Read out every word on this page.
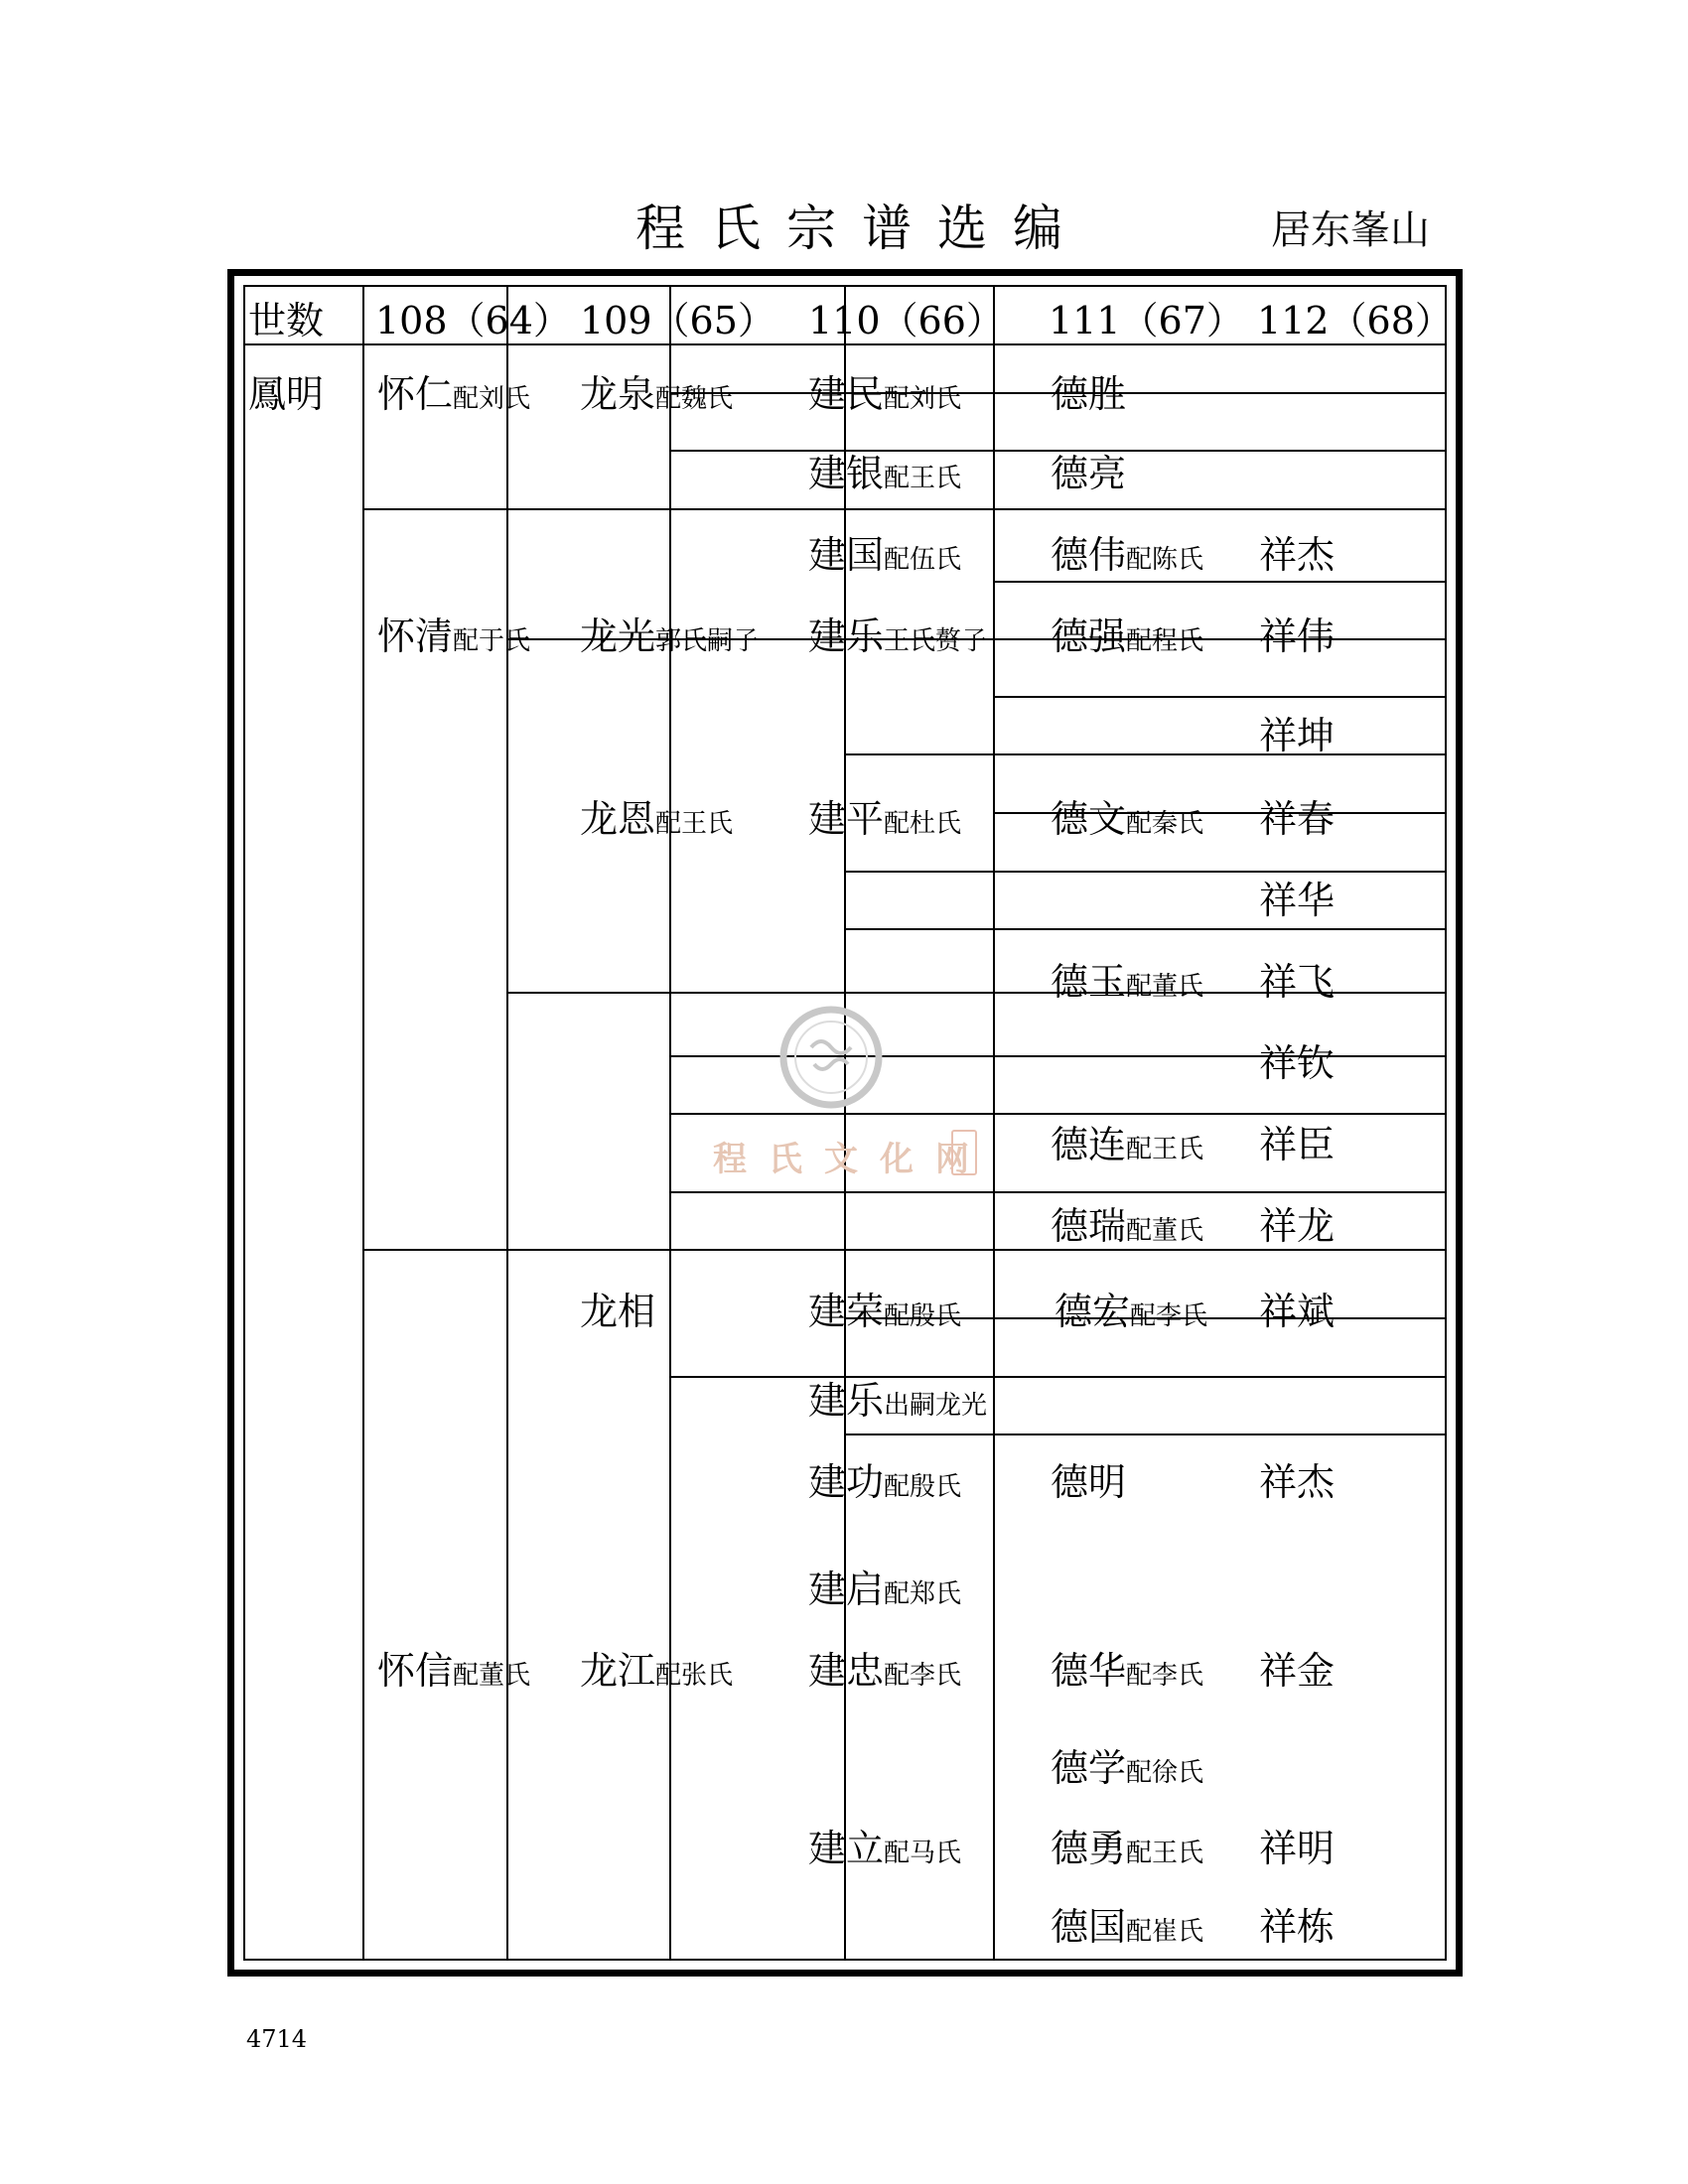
程氏宗谱选编	居东峯山
世数 108（64） 109（65） 110（66） 111（67） 112（68）
鳳明 怀仁配刘氏
怀清配于氏
怀信配董氏
龙泉配魏氏
龙光郭氏嗣子
龙恩配王氏
龙相
龙江配张氏
建民配刘氏
建银配王氏
建国配伍氏
建乐王氏赘子
建平配杜氏
建荣配殷氏
建乐出嗣龙光
建功配殷氏
建启配郑氏
建忠配李氏
建立配马氏
德胜
德亮
德伟配陈氏
德强配程氏
德文配秦氏
德玉配董氏
德连配王氏
德瑞配董氏
德宏配李氏
德明
德华配李氏
德学配徐氏
德勇配王氏
德国配崔氏
祥杰
祥伟
祥坤
祥春
祥华
祥飞
祥钦
祥臣
祥龙
祥斌
祥杰
祥金
祥明
祥栋
程氏文化网
4714
